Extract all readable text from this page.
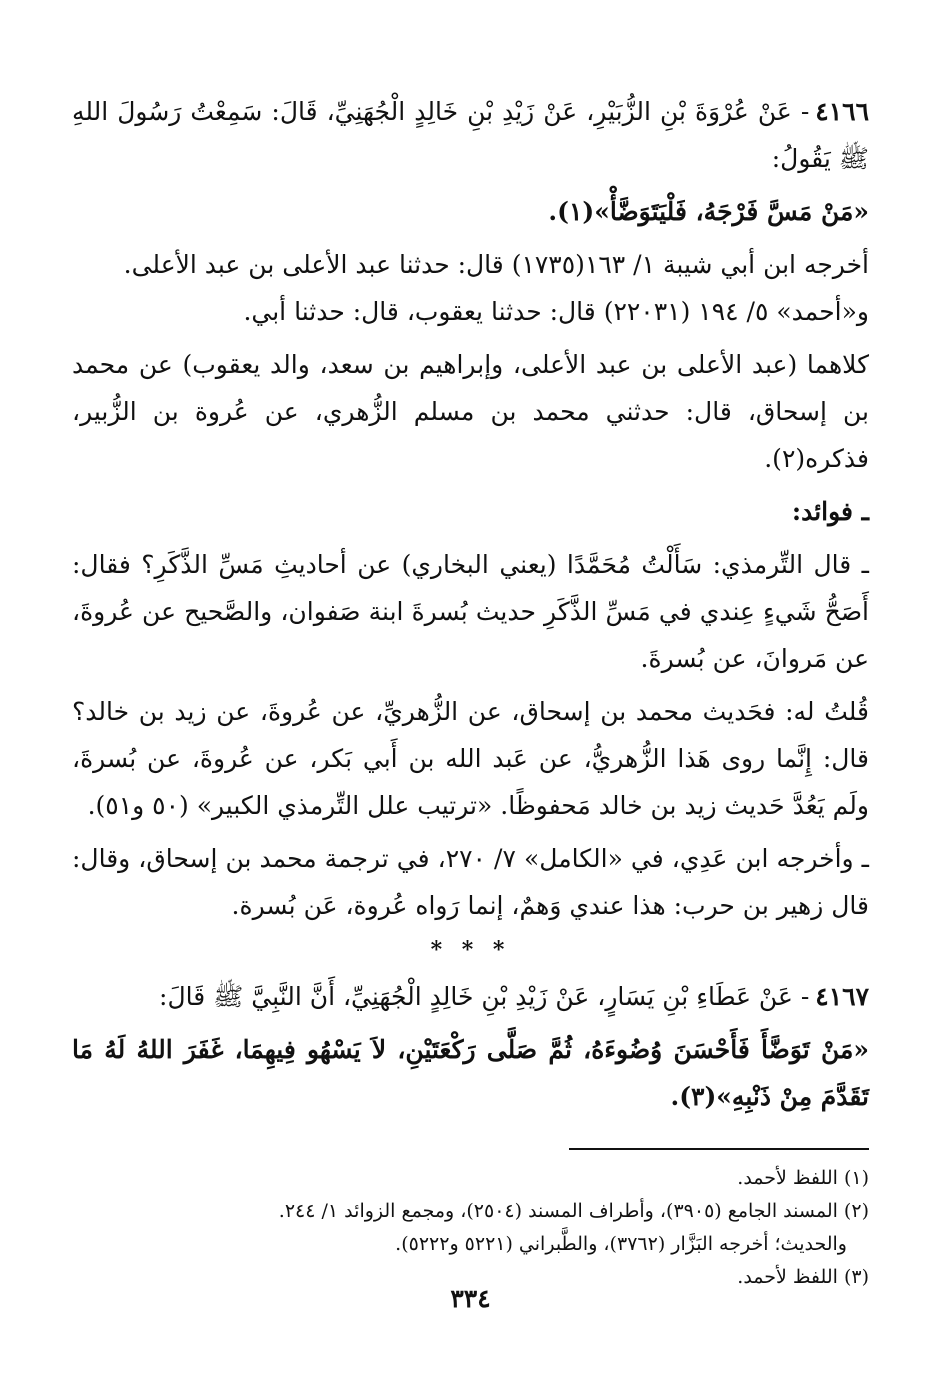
٤١٦٦- عَنْ عُرْوَةَ بْنِ الزُّبَيْرِ، عَنْ زَيْدِ بْنِ خَالِدٍ الْجُهَنِيِّ، قَالَ: سَمِعْتُ رَسُولَ اللهِ ﷺ يَقُولُ:

«مَنْ مَسَّ فَرْجَهُ، فَلْيَتَوَضَّأْ»(١).

أخرجه ابن أبي شيبة ١/ ١٦٣(١٧٣٥) قال: حدثنا عبد الأعلى بن عبد الأعلى.

و«أحمد» ٥/ ١٩٤ (٢٢٠٣١) قال: حدثنا يعقوب، قال: حدثنا أبي.

كلاهما (عبد الأعلى بن عبد الأعلى، وإبراهيم بن سعد، والد يعقوب) عن محمد بن إسحاق، قال: حدثني محمد بن مسلم الزُّهري، عن عُروة بن الزُّبير، فذكره(٢).

ـ فوائد:

ـ قال التِّرمذي: سَأَلْتُ مُحَمَّدًا (يعني البخاري) عن أحاديثِ مَسِّ الذَّكَرِ؟ فقال: أَصَحُّ شَيءٍ عِندي في مَسِّ الذَّكَرِ حديث بُسرةَ ابنة صَفوان، والصَّحيح عن عُروةَ، عن مَروانَ، عن بُسرةَ.

قُلتُ له: فحَديث محمد بن إسحاق، عن الزُّهريِّ، عن عُروةَ، عن زيد بن خالد؟ قال: إِنَّما روى هَذا الزُّهريُّ، عن عَبد الله بن أَبي بَكر، عن عُروةَ، عن بُسرةَ، ولَم يَعُدَّ حَديث زيد بن خالد مَحفوظًا. «ترتيب علل التِّرمذي الكبير» (٥٠ و٥١).

ـ وأخرجه ابن عَدِي، في «الكامل» ٧/ ٢٧٠، في ترجمة محمد بن إسحاق، وقال: قال زهير بن حرب: هذا عندي وَهمٌ، إنما رَواه عُروة، عَن بُسرة.

* * *

٤١٦٧- عَنْ عَطَاءِ بْنِ يَسَارٍ، عَنْ زَيْدِ بْنِ خَالِدٍ الْجُهَنِيِّ، أَنَّ النَّبِيَّ ﷺ قَالَ:

«مَنْ تَوَضَّأَ فَأَحْسَنَ وُضُوءَهُ، ثُمَّ صَلَّى رَكْعَتَيْنِ، لاَ يَسْهُو فِيهِمَا، غَفَرَ اللهُ لَهُ مَا تَقَدَّمَ مِنْ ذَنْبِهِ»(٣).

(١) اللفظ لأحمد.

(٢) المسند الجامع (٣٩٠٥)، وأطراف المسند (٢٥٠٤)، ومجمع الزوائد ١/ ٢٤٤.

والحديث؛ أخرجه البَزَّار (٣٧٦٢)، والطَّبراني (٥٢٢١ و٥٢٢٢).

(٣) اللفظ لأحمد.

٣٣٤
